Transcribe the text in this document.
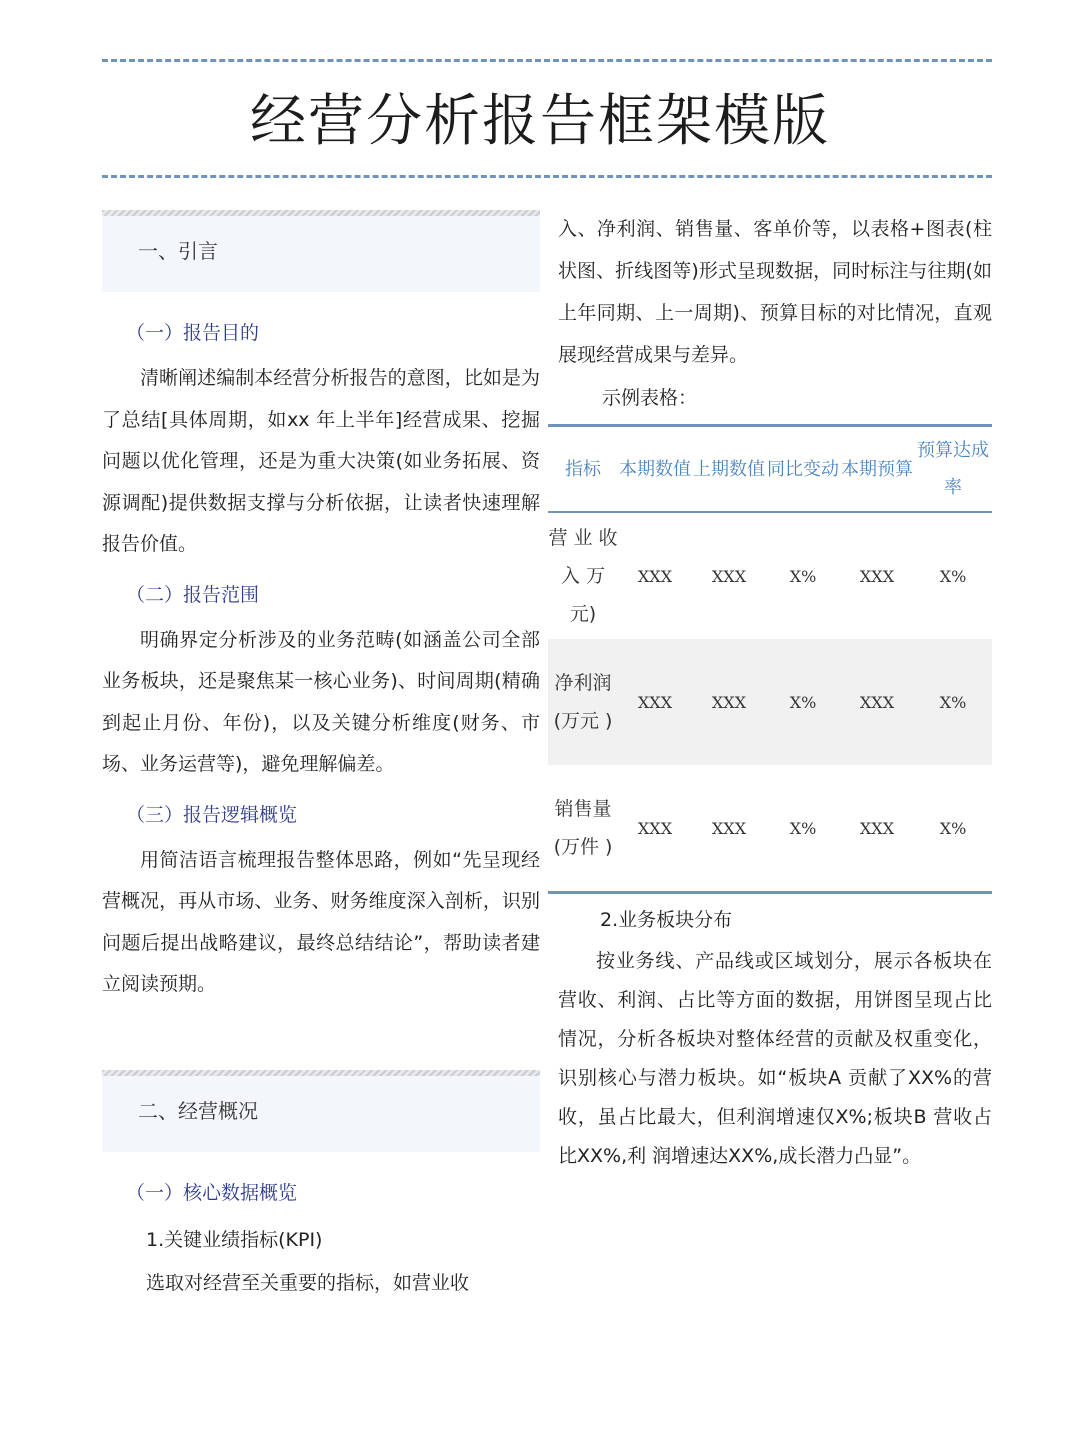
经营分析报告框架模版
一、引言
（一）报告目的

清晰阐述编制本经营分析报告的意图，比如是为了总结[具体周期，如xx 年上半年]经营成果、挖掘问题以优化管理，还是为重大决策(如业务拓展、资源调配)提供数据支撑与分析依据，让读者快速理解报告价值。

（二）报告范围

明确界定分析涉及的业务范畴(如涵盖公司全部业务板块，还是聚焦某一核心业务)、时间周期(精确到起止月份、年份)，以及关键分析维度(财务、市场、业务运营等)，避免理解偏差。

（三）报告逻辑概览

用简洁语言梳理报告整体思路，例如“先呈现经营概况，再从市场、业务、财务维度深入剖析，识别问题后提出战略建议，最终总结结论”，帮助读者建立阅读预期。

二、经营概况
（一）核心数据概览
1.关键业绩指标(KPI)
选取对经营至关重要的指标，如营业收

入、净利润、销售量、客单价等，以表格+图表(柱状图、折线图等)形式呈现数据，同时标注与往期(如上年同期、上一周期)、预算目标的对比情况，直观展现经营成果与差异。

示例表格：
指标	本期数值	上期数值	同比变动	本期预算	预算达成率
营 业 收 入 万元)	XXX	XXX	X%	XXX	X%
净利润(万元 )	XXX	XXX	X%	XXX	X%
销售量(万件 )	XXX	XXX	X%	XXX	X%
2.业务板块分布

按业务线、产品线或区域划分，展示各板块在营收、利润、占比等方面的数据，用饼图呈现占比情况，分析各板块对整体经营的贡献及权重变化，识别核心与潜力板块。如“板块A 贡献了XX%的营收，虽占比最大，但利润增速仅X%;板块B 营收占比XX%,利 润增速达XX%,成长潜力凸显”。
